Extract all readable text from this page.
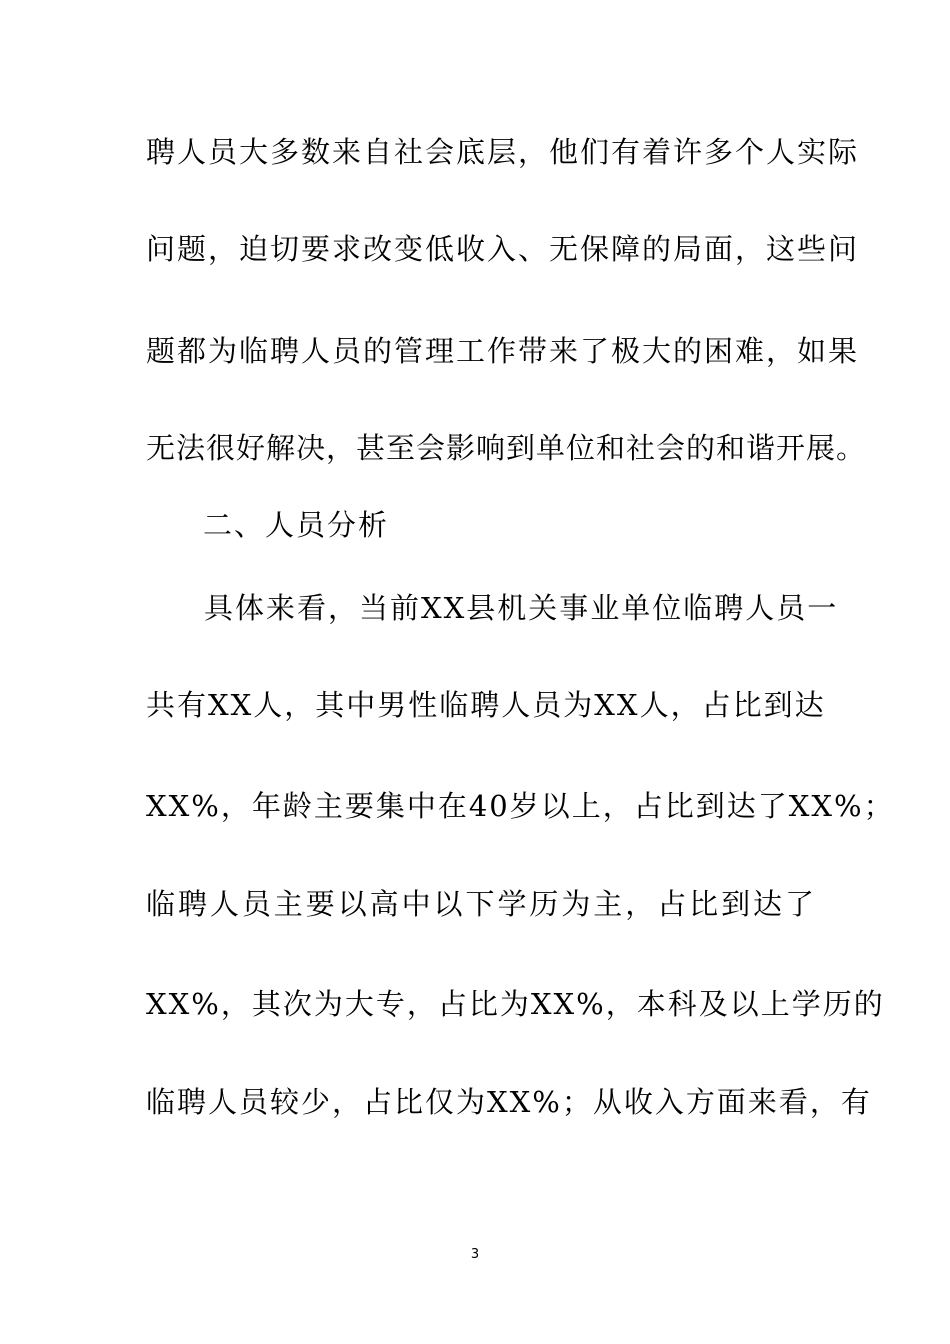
聘人员大多数来自社会底层，他们有着许多个人实际
问题，迫切要求改变低收入、无保障的局面，这些问
题都为临聘人员的管理工作带来了极大的困难，如果
无法很好解决，甚至会影响到单位和社会的和谐开展。
二、人员分析
具体来看，当前XX县机关事业单位临聘人员一
共有XX人，其中男性临聘人员为XX人，占比到达
XX%，年龄主要集中在40岁以上，占比到达了XX%；
临聘人员主要以高中以下学历为主，占比到达了
XX%，其次为大专，占比为XX%，本科及以上学历的
临聘人员较少，占比仅为XX%；从收入方面来看，有
3
